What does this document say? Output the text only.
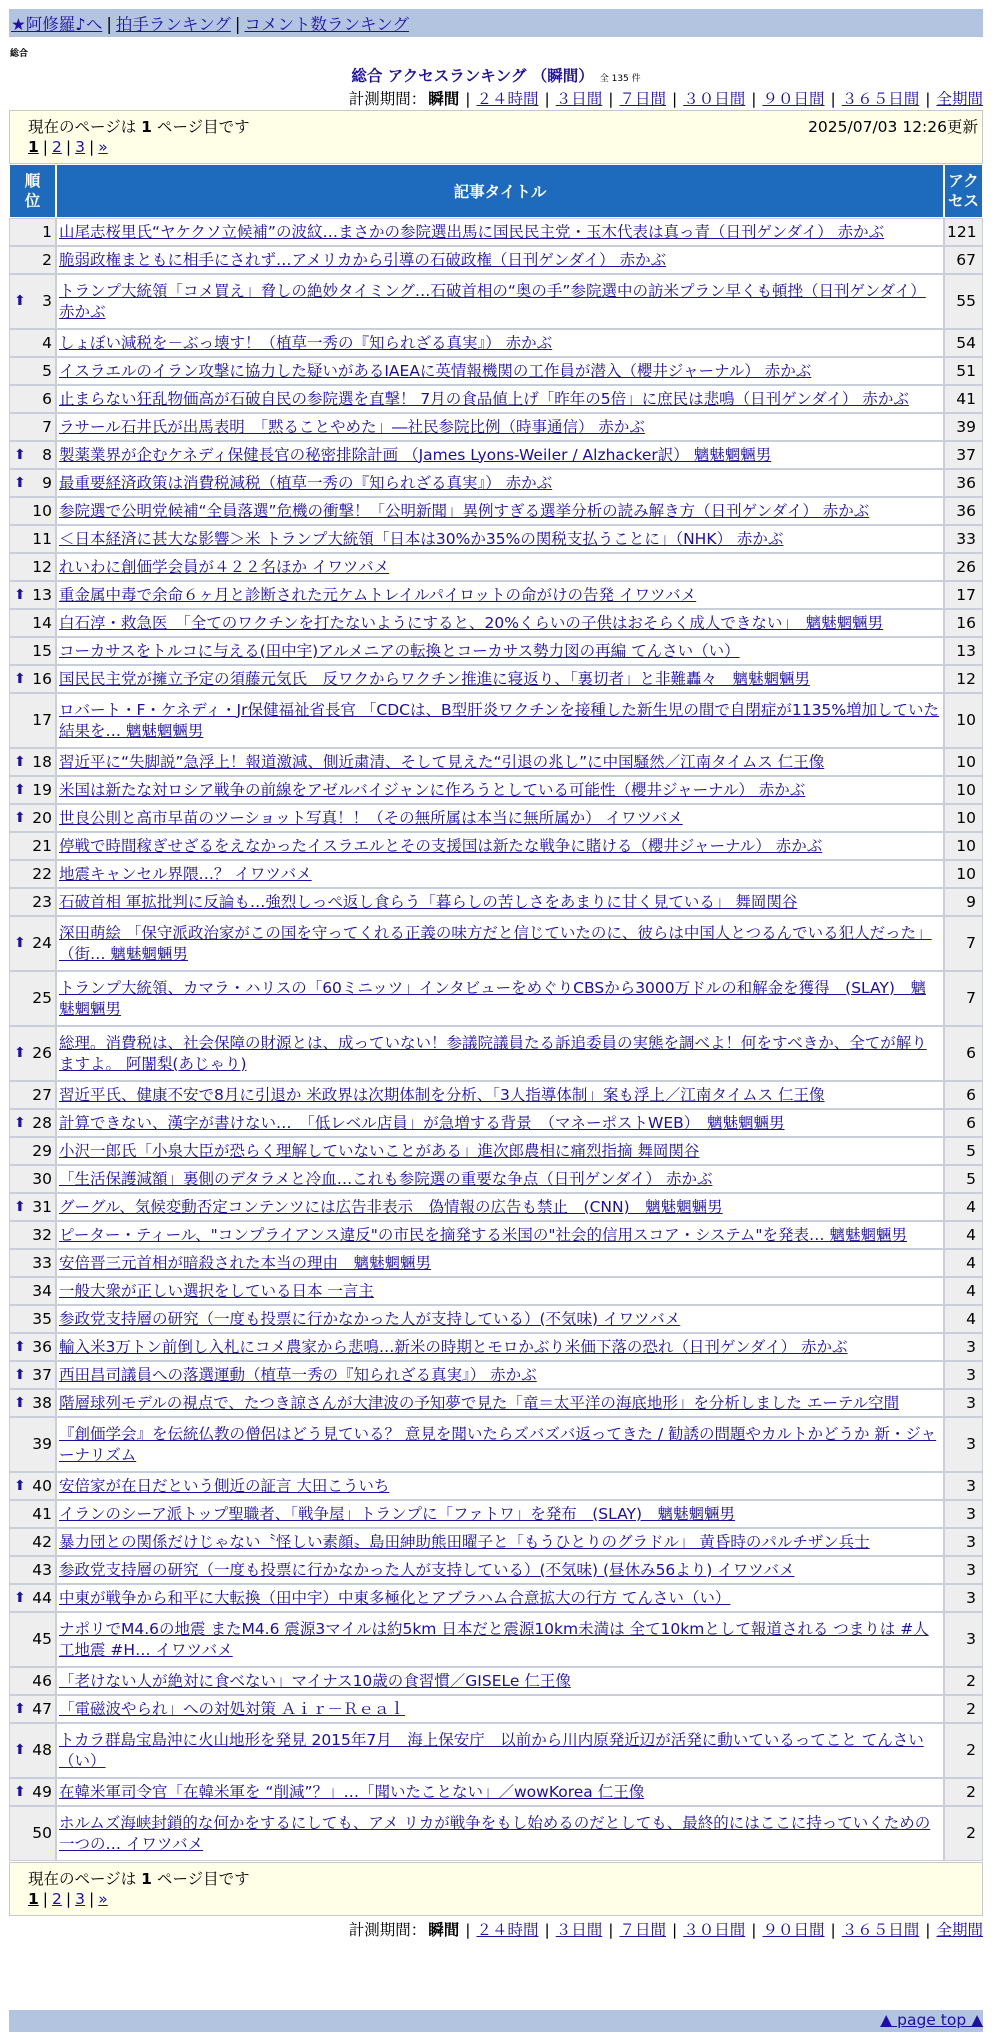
★阿修羅♪へ | 拍手ランキング | コメント数ランキング
総合
総合 アクセスランキング （瞬間） 全 135 件
計測期間： 瞬間 | ２４時間 | ３日間 | ７日間 | ３０日間 | ９０日間 | ３６５日間 | 全期間
現在のページは 1 ページ目です	2025/07/03 12:26更新
1 | 2 | 3 | »
順位	記事タイトル	アクセス
1	山尾志桜里氏“ヤケクソ立候補”の波紋…まさかの参院選出馬に国民民主党・玉木代表は真っ青（日刊ゲンダイ） 赤かぶ	121
2	脆弱政権まともに相手にされず…アメリカから引導の石破政権（日刊ゲンダイ） 赤かぶ	67

⬆ 3	トランプ大統領「コメ買え」脅しの絶妙タイミング…石破首相の“奥の手”参院選中の訪米プラン早くも頓挫（日刊ゲンダイ） 赤かぶ	55
4	しょぼい減税を－ぶっ壊す！（植草一秀の『知られざる真実』） 赤かぶ	54
5	イスラエルのイラン攻撃に協力した疑いがあるIAEAに英情報機関の工作員が潜入（櫻井ジャーナル） 赤かぶ	51
6	止まらない狂乱物価高が石破自民の参院選を直撃！ 7月の食品値上げ「昨年の5倍」に庶民は悲鳴（日刊ゲンダイ） 赤かぶ	41
7	ラサール石井氏が出馬表明　「黙ることやめた」―社民参院比例（時事通信） 赤かぶ	39

⬆ 8	製薬業界が企むケネディ保健長官の秘密排除計画 （James Lyons-Weiler / Alzhacker訳） 魑魅魍魎男	37

⬆ 9	最重要経済政策は消費税減税（植草一秀の『知られざる真実』） 赤かぶ	36
10	参院選で公明党候補“全員落選”危機の衝撃！「公明新聞」異例すぎる選挙分析の読み解き方（日刊ゲンダイ） 赤かぶ	36
11	＜日本経済に甚大な影響＞米 トランプ大統領「日本は30%か35%の関税支払うことに」（NHK） 赤かぶ	33
12	れいわに創価学会員が４２２名ほか イワツバメ	26

⬆ 13	重金属中毒で余命６ヶ月と診断された元ケムトレイルパイロットの命がけの告発 イワツバメ	17
14	白石淳・救急医　「全てのワクチンを打たないようにすると、20%くらいの子供はおそらく成人できない」　魑魅魍魎男	16
15	コーカサスをトルコに与える(田中宇)アルメニアの転換とコーカサス勢力図の再編 てんさい（い）	13

⬆ 16	国民民主党が擁立予定の須藤元気氏　反ワクからワクチン推進に寝返り、「裏切者」と非難轟々　魑魅魍魎男	12
17	ロバート・F・ケネディ・Jr保健福祉省長官 「CDCは、B型肝炎ワクチンを接種した新生児の間で自閉症が1135%増加していた結果を… 魑魅魍魎男	10

⬆ 18	習近平に“失脚説”急浮上！報道激減、側近粛清、そして見えた“引退の兆し”に中国騒然／江南タイムス 仁王像	10

⬆ 19	米国は新たな対ロシア戦争の前線をアゼルバイジャンに作ろうとしている可能性（櫻井ジャーナル） 赤かぶ	10

⬆ 20	世良公則と高市早苗のツーショット写真！！（その無所属は本当に無所属か） イワツバメ	10
21	停戦で時間稼ぎせざるをえなかったイスラエルとその支援国は新たな戦争に賭ける（櫻井ジャーナル） 赤かぶ	10
22	地震キャンセル界隈…？ イワツバメ	10
23	石破首相 軍拡批判に反論も…強烈しっぺ返し食らう「暮らしの苦しさをあまりに甘く見ている」 舞岡関谷	9

⬆ 24	深田萌絵 「保守派政治家がこの国を守ってくれる正義の味方だと信じていたのに、彼らは中国人とつるんでいる犯人だった」（街… 魑魅魍魎男	7
25	トランプ大統領、カマラ・ハリスの「60ミニッツ」インタビューをめぐりCBSから3000万ドルの和解金を獲得　(SLAY)　魑魅魍魎男	7

⬆ 26	総理。消費税は、社会保障の財源とは、成っていない！参議院議員たる訴追委員の実態を調べよ！何をすべきか、全てが解りますよ。 阿闍梨(あじゃり)	6
27	習近平氏、健康不安で8月に引退か 米政界は次期体制を分析、「3人指導体制」案も浮上／江南タイムス 仁王像	6

⬆ 28	計算できない、漢字が書けない…　「低レベル店員」が急増する背景　（マネーポストWEB）　魑魅魍魎男	6
29	小沢一郎氏「小泉大臣が恐らく理解していないことがある」進次郎農相に痛烈指摘 舞岡関谷	5
30	「生活保護減額」裏側のデタラメと冷血…これも参院選の重要な争点（日刊ゲンダイ） 赤かぶ	5

⬆ 31	グーグル、気候変動否定コンテンツには広告非表示　偽情報の広告も禁止　(CNN)　魑魅魍魎男	4
32	ピーター・ティール、"コンプライアンス違反"の市民を摘発する米国の"社会的信用スコア・システム"を発表… 魑魅魍魎男	4
33	安倍晋三元首相が暗殺された本当の理由　魑魅魍魎男	4
34	一般大衆が正しい選択をしている日本 一言主	4
35	参政党支持層の研究（一度も投票に行かなかった人が支持している）(不気味) イワツバメ	4

⬆ 36	輸入米3万トン前倒し入札にコメ農家から悲鳴…新米の時期とモロかぶり米価下落の恐れ（日刊ゲンダイ） 赤かぶ	3

⬆ 37	西田昌司議員への落選運動（植草一秀の『知られざる真実』） 赤かぶ	3

⬆ 38	階層球列モデルの視点で、たつき諒さんが大津波の予知夢で見た「竜＝太平洋の海底地形」を分析しました エーテル空間	3
39	『創価学会』を伝統仏教の僧侶はどう見ている？ 意見を聞いたらズバズバ返ってきた / 勧誘の問題やカルトかどうか 新・ジャーナリズム	3

⬆ 40	安倍家が在日だという側近の証言 大田こういち	3
41	イランのシーア派トップ聖職者、「戦争屋」トランプに「ファトワ」を発布　(SLAY)　魑魅魍魎男	3
42	暴力団との関係だけじゃない〝怪しい素顔〟島田紳助熊田曜子と「もうひとりのグラドル」 黄昏時のパルチザン兵士	3
43	参政党支持層の研究（一度も投票に行かなかった人が支持している）(不気味) (昼休み56より) イワツバメ	3

⬆ 44	中東が戦争から和平に大転換（田中宇）中東多極化とアブラハム合意拡大の行方 てんさい（い）	3
45	ナポリでM4.6の地震 またM4.6 震源3マイルは約5km 日本だと震源10km未満は 全て10kmとして報道される つまりは #人工地震 #H… イワツバメ	3
46	「老けない人が絶対に食べない」マイナス10歳の食習慣／GISELe 仁王像	2

⬆ 47	「電磁波やられ」への対処対策 Ａｉｒ－Ｒｅａｌ	2

⬆ 48	トカラ群島宝島沖に火山地形を発見 2015年7月　海上保安庁　以前から川内原発近辺が活発に動いているってこと てんさい（い）	2

⬆ 49	在韓米軍司令官「在韓米軍を “削減”？」…「聞いたことない」／wowKorea 仁王像	2
50	ホルムズ海峡封鎖的な何かをするにしても、アメ リカが戦争をもし始めるのだとしても、最終的にはここに持っていくための一つの… イワツバメ	2
現在のページは 1 ページ目です
1 | 2 | 3 | »
計測期間： 瞬間 | ２４時間 | ３日間 | ７日間 | ３０日間 | ９０日間 | ３６５日間 | 全期間
▲ page top ▲
